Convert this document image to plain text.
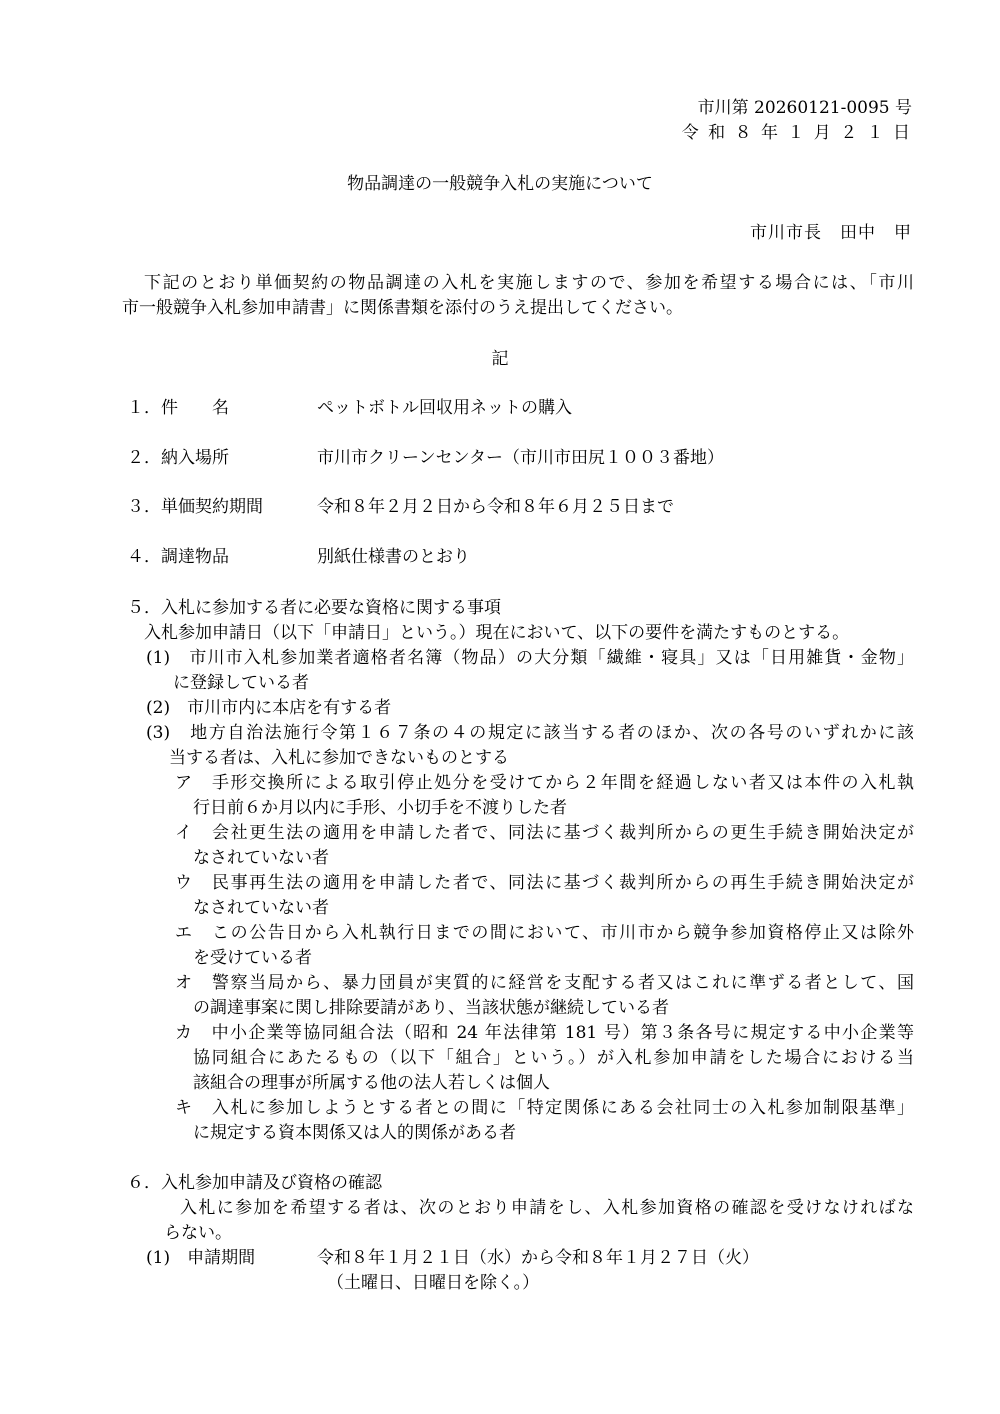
市川第 20260121-0095 号
令 和 ８ 年 １ 月 ２ １ 日
物品調達の一般競争入札の実施について
市川市長　田中　甲
下記のとおり単価契約の物品調達の入札を実施しますので、参加を希望する場合には、「市川
市一般競争入札参加申請書」に関係書類を添付のうえ提出してください。
記
１．件　　名	ペットボトル回収用ネットの購入
２．納入場所	市川市クリーンセンター（市川市田尻１００３番地）
３．単価契約期間	令和８年２月２日から令和８年６月２５日まで
４．調達物品	別紙仕様書のとおり
５．入札に参加する者に必要な資格に関する事項
入札参加申請日（以下「申請日」という。）現在において、以下の要件を満たすものとする。
(1)　市川市入札参加業者適格者名簿（物品）の大分類「繊維・寝具」又は「日用雑貨・金物」
に登録している者
(2)　市川市内に本店を有する者
(3)　地方自治法施行令第１６７条の４の規定に該当する者のほか、次の各号のいずれかに該
当する者は、入札に参加できないものとする
ア　手形交換所による取引停止処分を受けてから２年間を経過しない者又は本件の入札執
行日前６か月以内に手形、小切手を不渡りした者
イ　会社更生法の適用を申請した者で、同法に基づく裁判所からの更生手続き開始決定が
なされていない者
ウ　民事再生法の適用を申請した者で、同法に基づく裁判所からの再生手続き開始決定が
なされていない者
エ　この公告日から入札執行日までの間において、市川市から競争参加資格停止又は除外
を受けている者
オ　警察当局から、暴力団員が実質的に経営を支配する者又はこれに準ずる者として、国
の調達事案に関し排除要請があり、当該状態が継続している者
カ　中小企業等協同組合法（昭和 24 年法律第 181 号）第３条各号に規定する中小企業等
協同組合にあたるもの（以下「組合」という。）が入札参加申請をした場合における当
該組合の理事が所属する他の法人若しくは個人
キ　入札に参加しようとする者との間に「特定関係にある会社同士の入札参加制限基準」
に規定する資本関係又は人的関係がある者
６．入札参加申請及び資格の確認
入札に参加を希望する者は、次のとおり申請をし、入札参加資格の確認を受けなければな
らない。
(1)　申請期間	令和８年１月２１日（水）から令和８年１月２７日（火）
（土曜日、日曜日を除く。）
